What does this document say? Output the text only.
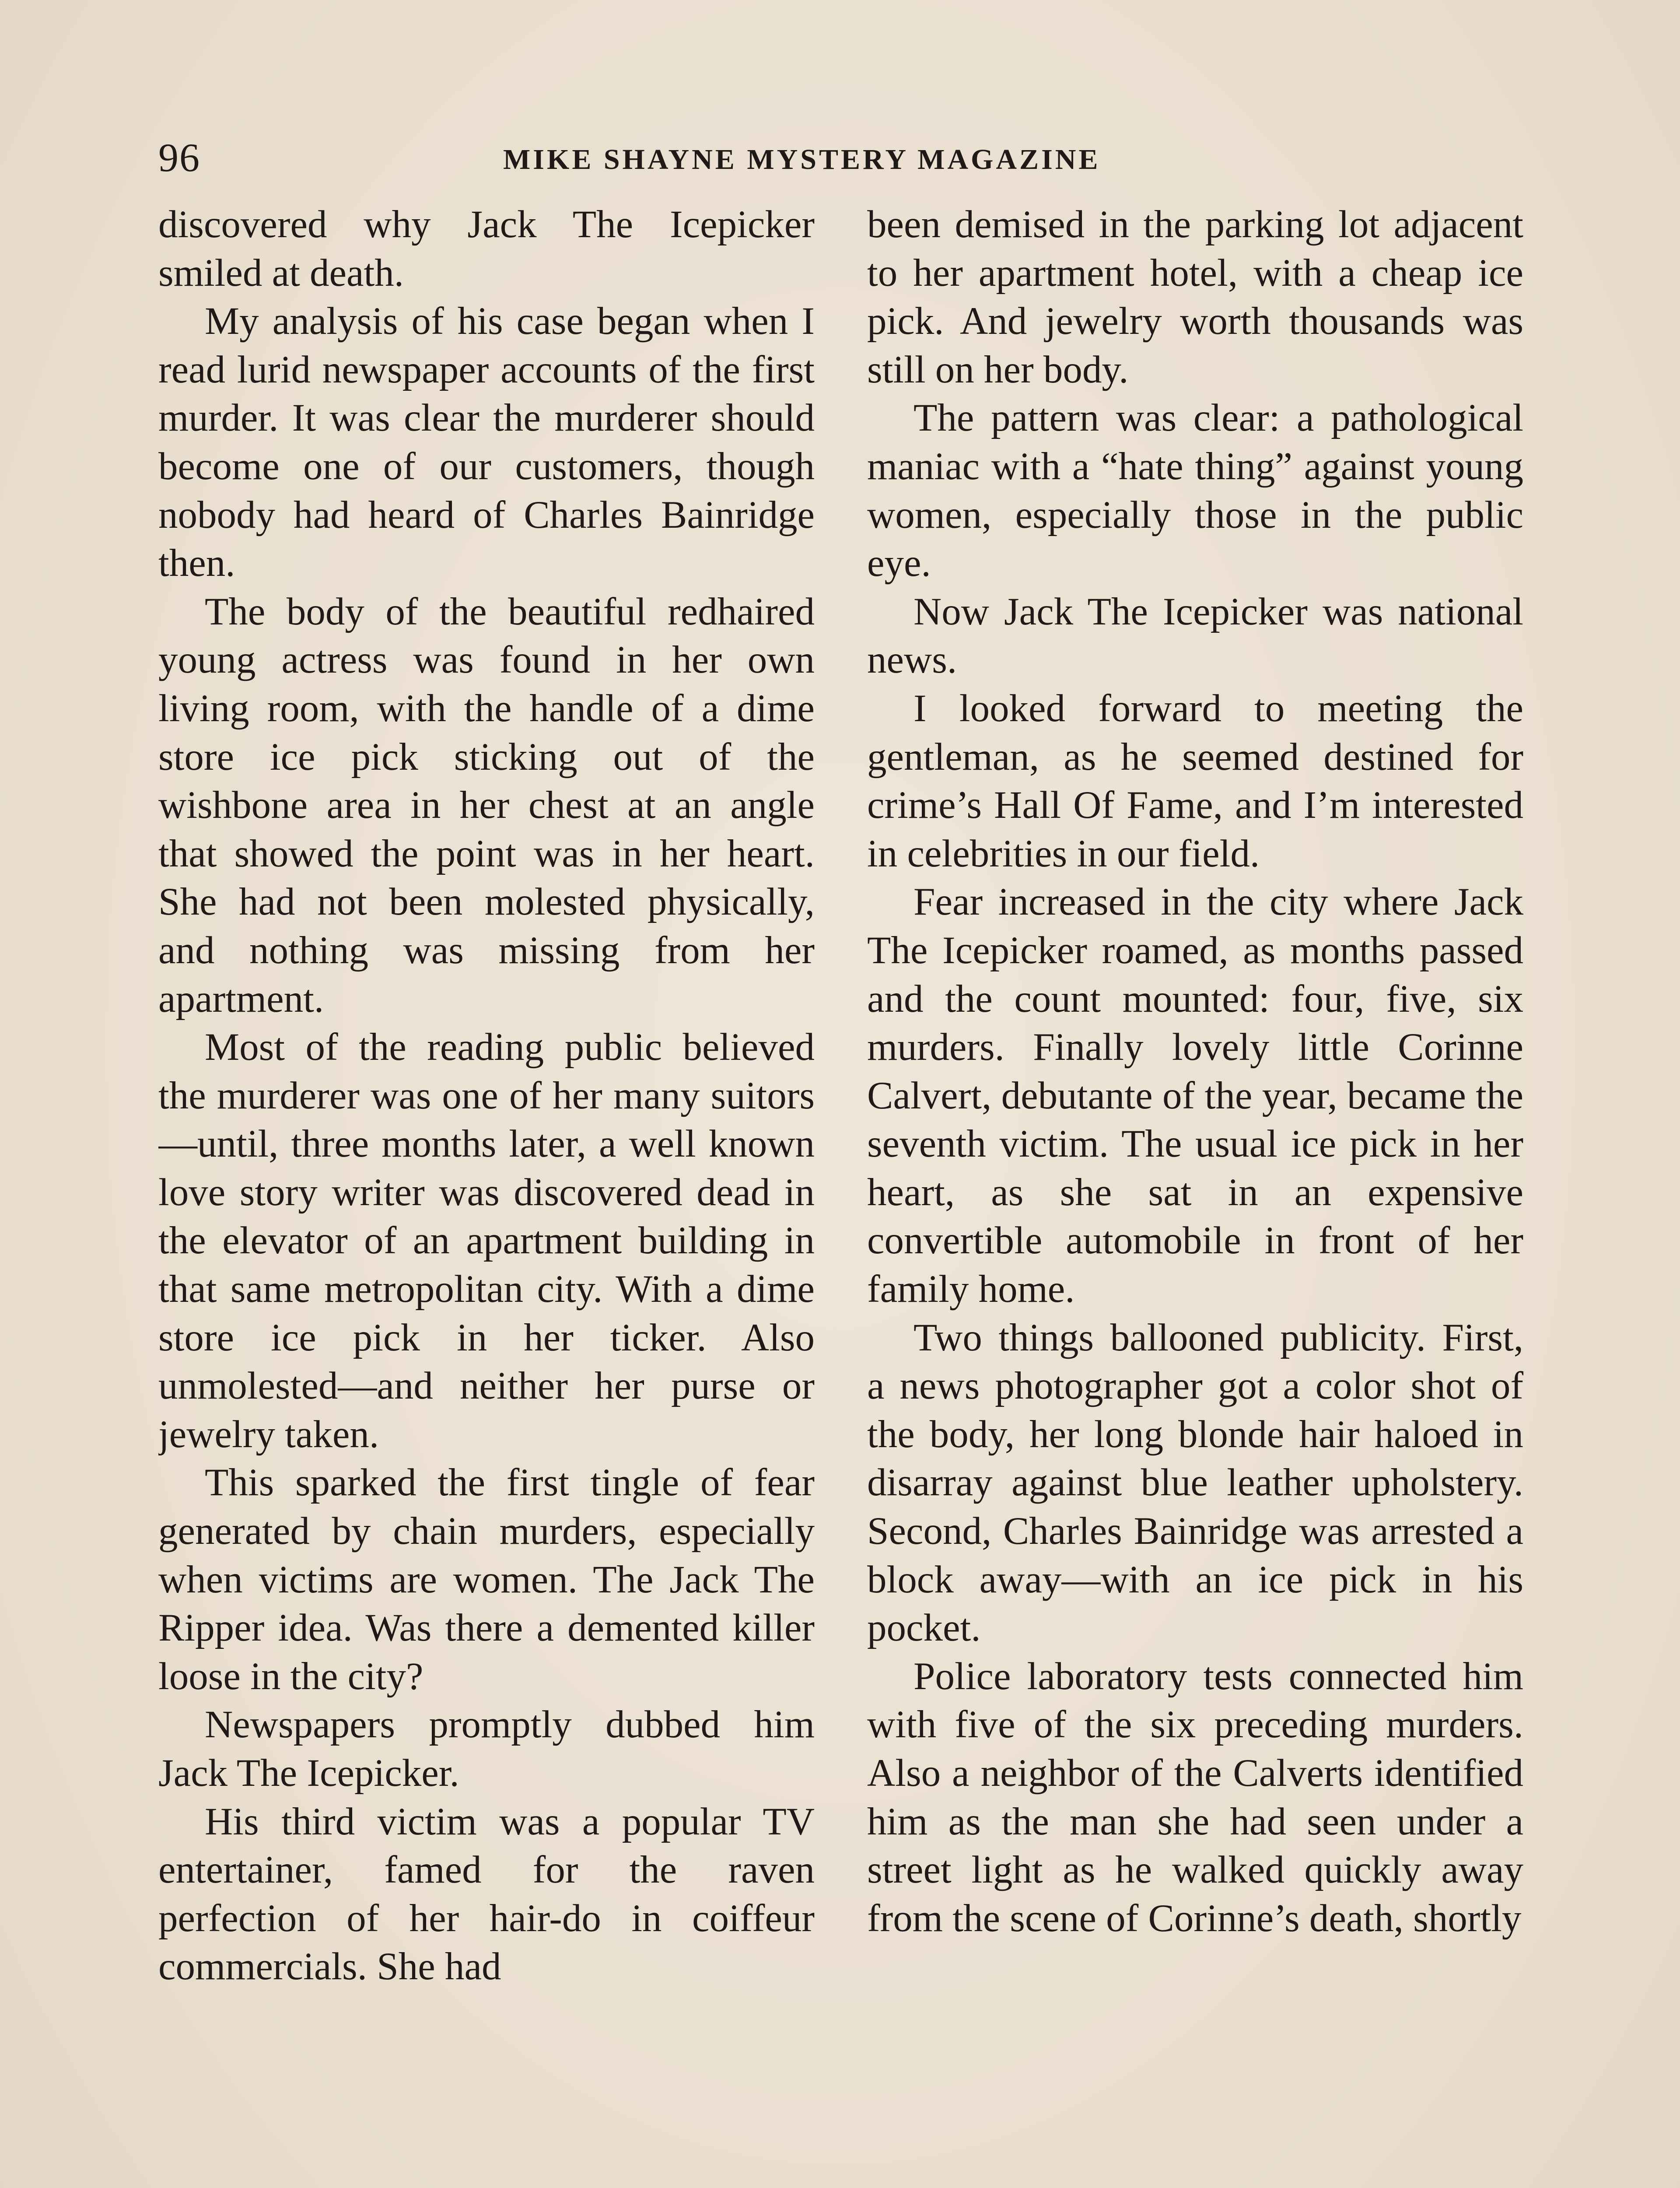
96	MIKE SHAYNE MYSTERY MAGAZINE

discovered why Jack The Icepicker smiled at death.

My analysis of his case began when I read lurid newspaper accounts of the first murder. It was clear the murderer should become one of our customers, though nobody had heard of Charles Bainridge then.

The body of the beautiful redhaired young actress was found in her own living room, with the handle of a dime store ice pick sticking out of the wishbone area in her chest at an angle that showed the point was in her heart. She had not been molested physically, and nothing was missing from her apartment.

Most of the reading public believed the murderer was one of her many suitors—until, three months later, a well known love story writer was discovered dead in the elevator of an apartment building in that same metropolitan city. With a dime store ice pick in her ticker. Also unmolested—and neither her purse or jewelry taken.

This sparked the first tingle of fear generated by chain murders, especially when victims are women. The Jack The Ripper idea. Was there a demented killer loose in the city?

Newspapers promptly dubbed him Jack The Icepicker.

His third victim was a popular TV entertainer, famed for the raven perfection of her hair-do in coiffeur commercials. She had

been demised in the parking lot adjacent to her apartment hotel, with a cheap ice pick. And jewelry worth thousands was still on her body.

The pattern was clear: a pathological maniac with a “hate thing” against young women, especially those in the public eye.

Now Jack The Icepicker was national news.

I looked forward to meeting the gentleman, as he seemed destined for crime’s Hall Of Fame, and I’m interested in celebrities in our field.

Fear increased in the city where Jack The Icepicker roamed, as months passed and the count mounted: four, five, six murders. Finally lovely little Corinne Calvert, debutante of the year, became the seventh victim. The usual ice pick in her heart, as she sat in an expensive convertible automobile in front of her family home.

Two things ballooned publicity. First, a news photographer got a color shot of the body, her long blonde hair haloed in disarray against blue leather upholstery. Second, Charles Bainridge was arrested a block away—with an ice pick in his pocket.

Police laboratory tests connected him with five of the six preceding murders. Also a neighbor of the Calverts identified him as the man she had seen under a street light as he walked quickly away from the scene of Corinne’s death, shortly
